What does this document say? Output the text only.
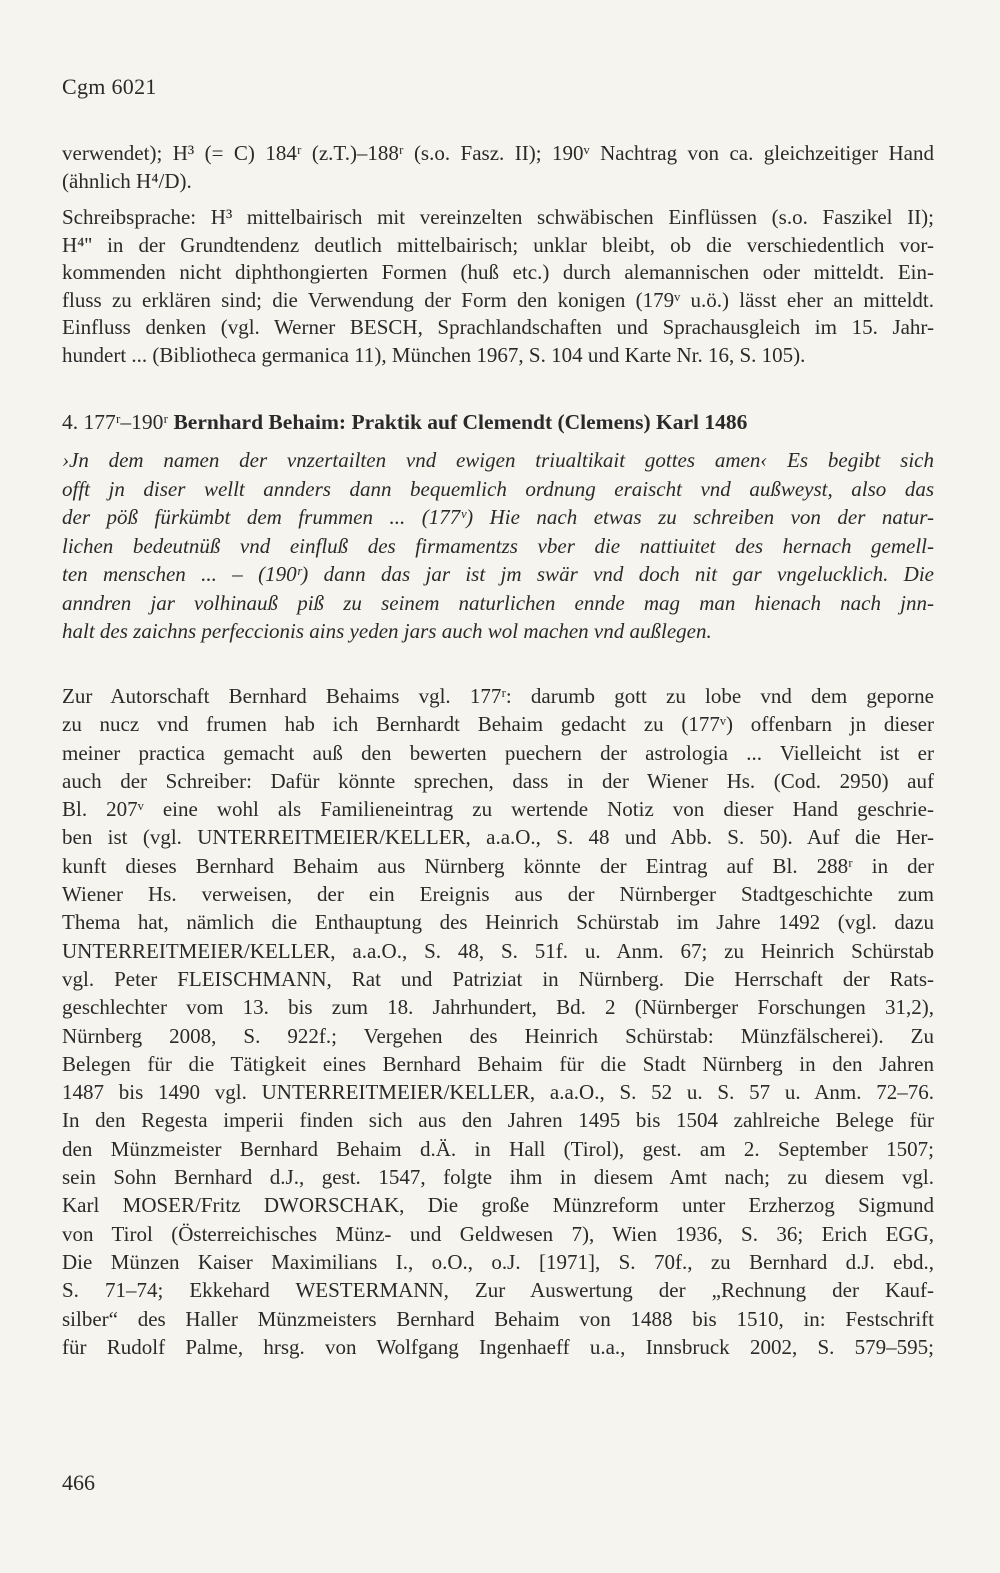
Cgm 6021
verwendet); H³ (= C) 184ʳ (z.T.)–188ʳ (s.o. Fasz. II); 190ᵛ Nachtrag von ca. gleichzeitiger Hand
(ähnlich H⁴/D).
Schreibsprache: H³ mittelbairisch mit vereinzelten schwäbischen Einflüssen (s.o. Faszikel II);
H⁴'' in der Grundtendenz deutlich mittelbairisch; unklar bleibt, ob die verschiedentlich vor-
kommenden nicht diphthongierten Formen (huß etc.) durch alemannischen oder mitteldt. Ein-
fluss zu erklären sind; die Verwendung der Form den konigen (179ᵛ u.ö.) lässt eher an mitteldt.
Einfluss denken (vgl. Werner BESCH, Sprachlandschaften und Sprachausgleich im 15. Jahr-
hundert ... (Bibliotheca germanica 11), München 1967, S. 104 und Karte Nr. 16, S. 105).
4. 177ʳ–190ʳ Bernhard Behaim: Praktik auf Clemendt (Clemens) Karl 1486
›Jn dem namen der vnzertailten vnd ewigen triualtikait gottes amen‹ Es begibt sich
offt jn diser wellt annders dann bequemlich ordnung eraischt vnd außweyst, also das
der pöß fürkümbt dem frummen ... (177ᵛ) Hie nach etwas zu schreiben von der natur-
lichen bedeutnüß vnd einfluß des firmamentzs vber die nattiuitet des hernach gemell-
ten menschen ... – (190ʳ) dann das jar ist jm swär vnd doch nit gar vngelucklich. Die
anndren jar volhinauß piß zu seinem naturlichen ennde mag man hienach nach jnn-
halt des zaichns perfeccionis ains yeden jars auch wol machen vnd außlegen.
Zur Autorschaft Bernhard Behaims vgl. 177ʳ: darumb gott zu lobe vnd dem geporne
zu nucz vnd frumen hab ich Bernhardt Behaim gedacht zu (177ᵛ) offenbarn jn dieser
meiner practica gemacht auß den bewerten puechern der astrologia ... Vielleicht ist er
auch der Schreiber: Dafür könnte sprechen, dass in der Wiener Hs. (Cod. 2950) auf
Bl. 207ᵛ eine wohl als Familieneintrag zu wertende Notiz von dieser Hand geschrie-
ben ist (vgl. UNTERREITMEIER/KELLER, a.a.O., S. 48 und Abb. S. 50). Auf die Her-
kunft dieses Bernhard Behaim aus Nürnberg könnte der Eintrag auf Bl. 288ʳ in der
Wiener Hs. verweisen, der ein Ereignis aus der Nürnberger Stadtgeschichte zum
Thema hat, nämlich die Enthauptung des Heinrich Schürstab im Jahre 1492 (vgl. dazu
UNTERREITMEIER/KELLER, a.a.O., S. 48, S. 51f. u. Anm. 67; zu Heinrich Schürstab
vgl. Peter FLEISCHMANN, Rat und Patriziat in Nürnberg. Die Herrschaft der Rats-
geschlechter vom 13. bis zum 18. Jahrhundert, Bd. 2 (Nürnberger Forschungen 31,2),
Nürnberg 2008, S. 922f.; Vergehen des Heinrich Schürstab: Münzfälscherei). Zu
Belegen für die Tätigkeit eines Bernhard Behaim für die Stadt Nürnberg in den Jahren
1487 bis 1490 vgl. UNTERREITMEIER/KELLER, a.a.O., S. 52 u. S. 57 u. Anm. 72–76.
In den Regesta imperii finden sich aus den Jahren 1495 bis 1504 zahlreiche Belege für
den Münzmeister Bernhard Behaim d.Ä. in Hall (Tirol), gest. am 2. September 1507;
sein Sohn Bernhard d.J., gest. 1547, folgte ihm in diesem Amt nach; zu diesem vgl.
Karl MOSER/Fritz DWORSCHAK, Die große Münzreform unter Erzherzog Sigmund
von Tirol (Österreichisches Münz- und Geldwesen 7), Wien 1936, S. 36; Erich EGG,
Die Münzen Kaiser Maximilians I., o.O., o.J. [1971], S. 70f., zu Bernhard d.J. ebd.,
S. 71–74; Ekkehard WESTERMANN, Zur Auswertung der „Rechnung der Kauf-
silber“ des Haller Münzmeisters Bernhard Behaim von 1488 bis 1510, in: Festschrift
für Rudolf Palme, hrsg. von Wolfgang Ingenhaeff u.a., Innsbruck 2002, S. 579–595;
466
